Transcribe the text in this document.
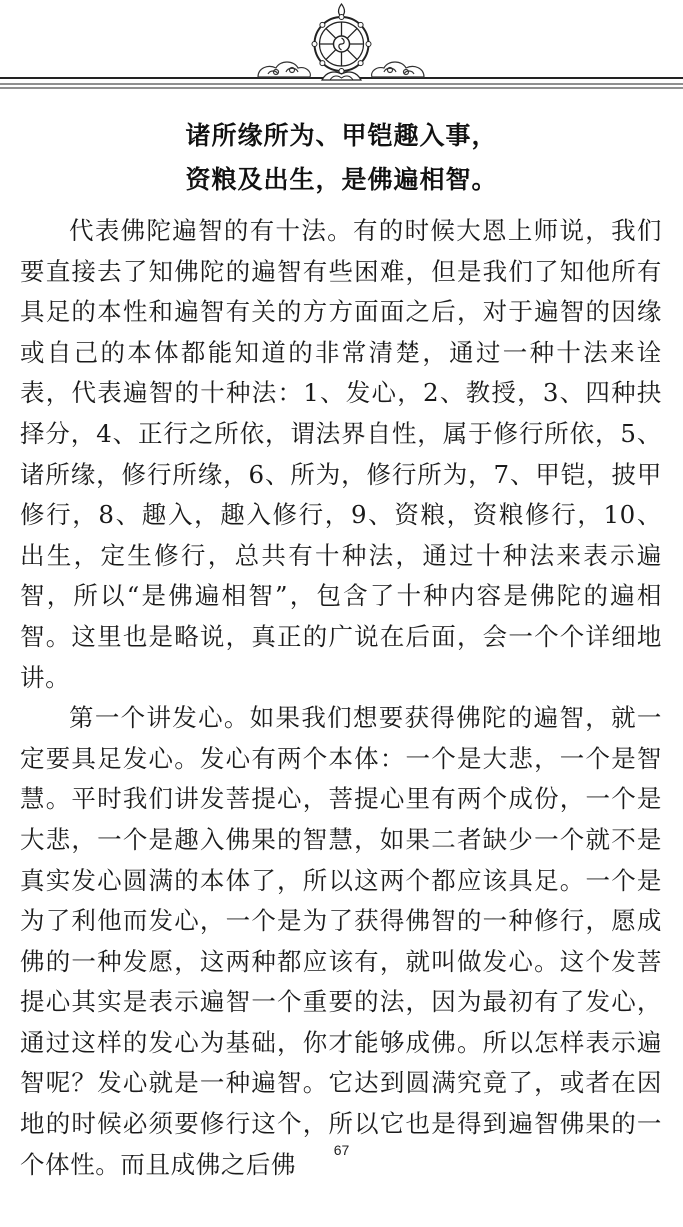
诸所缘所为、甲铠趣入事，
资粮及出生，是佛遍相智。

代表佛陀遍智的有十法。有的时候大恩上师说，我们要直接去了知佛陀的遍智有些困难，但是我们了知他所有具足的本性和遍智有关的方方面面之后，对于遍智的因缘或自己的本体都能知道的非常清楚，通过一种十法来诠表，代表遍智的十种法：1、发心，2、教授，3、四种抉择分，4、正行之所依，谓法界自性，属于修行所依，5、诸所缘，修行所缘，6、所为，修行所为，7、甲铠，披甲修行，8、趣入，趣入修行，9、资粮，资粮修行，10、出生，定生修行，总共有十种法，通过十种法来表示遍智，所以“是佛遍相智”，包含了十种内容是佛陀的遍相智。这里也是略说，真正的广说在后面，会一个个详细地讲。

第一个讲发心。如果我们想要获得佛陀的遍智，就一定要具足发心。发心有两个本体：一个是大悲，一个是智慧。平时我们讲发菩提心，菩提心里有两个成份，一个是大悲，一个是趣入佛果的智慧，如果二者缺少一个就不是真实发心圆满的本体了，所以这两个都应该具足。一个是为了利他而发心，一个是为了获得佛智的一种修行，愿成佛的一种发愿，这两种都应该有，就叫做发心。这个发菩提心其实是表示遍智一个重要的法，因为最初有了发心，通过这样的发心为基础，你才能够成佛。所以怎样表示遍智呢？发心就是一种遍智。它达到圆满究竟了，或者在因地的时候必须要修行这个，所以它也是得到遍智佛果的一个体性。而且成佛之后佛	67
